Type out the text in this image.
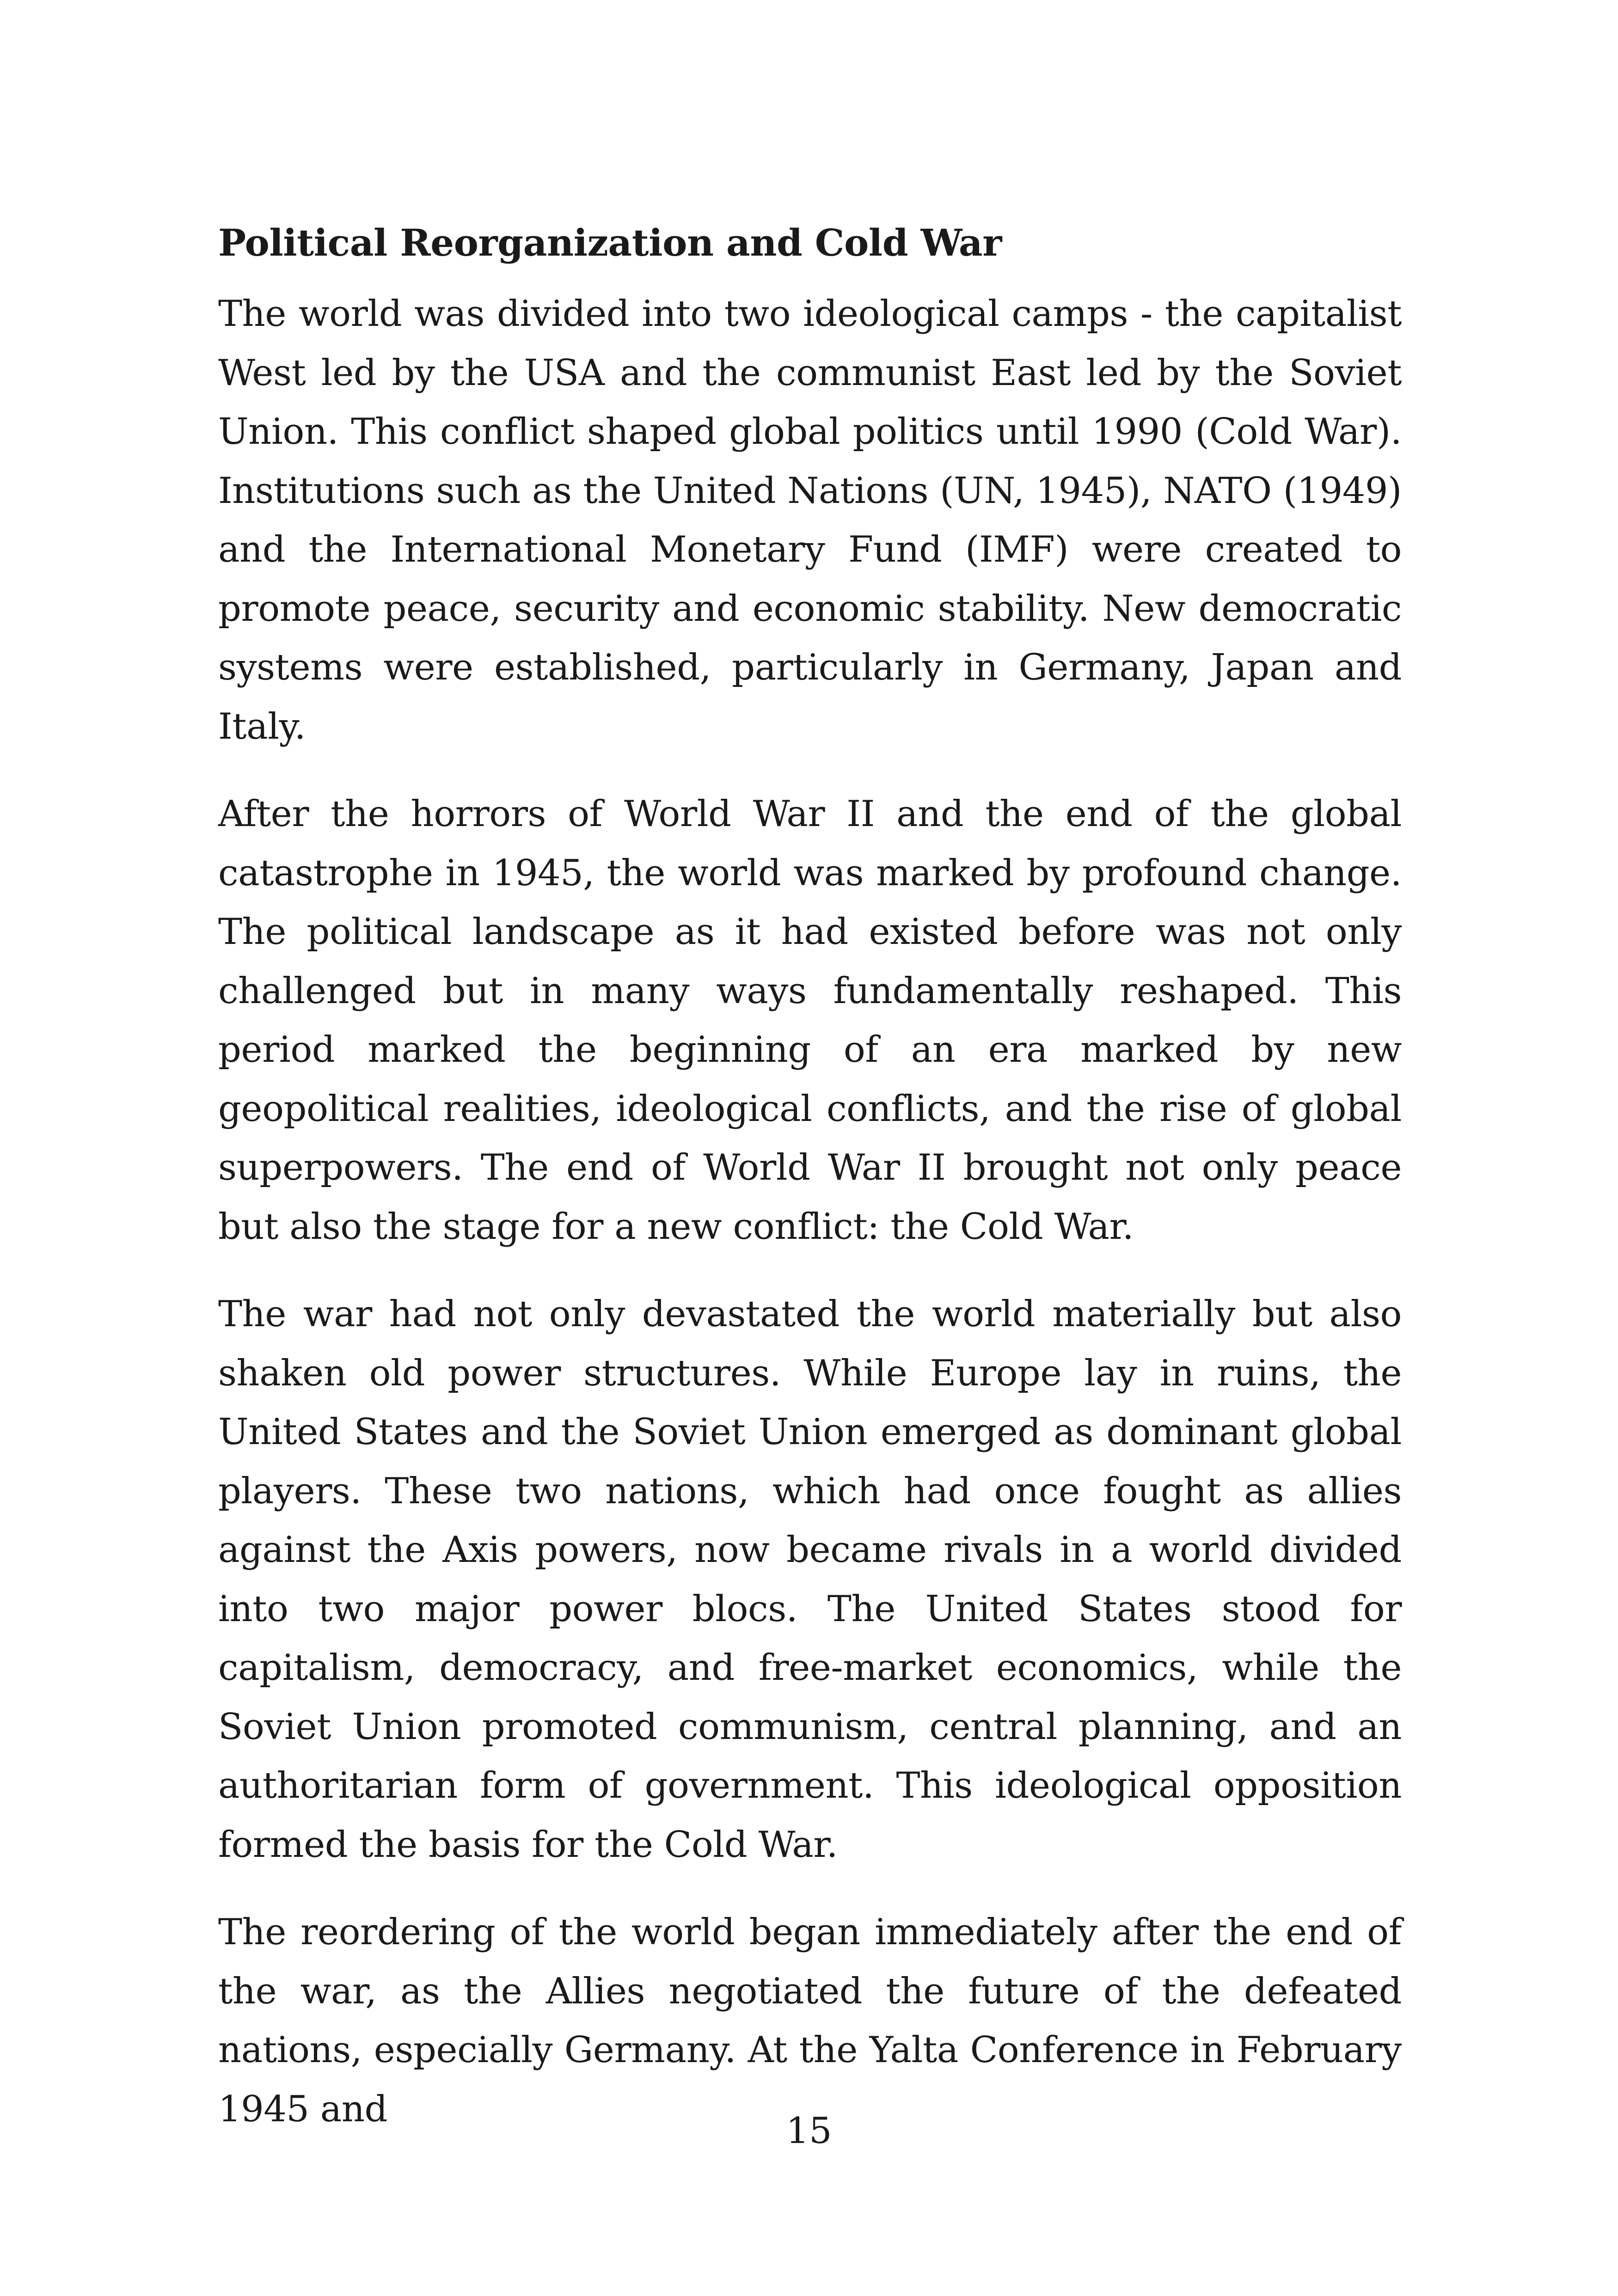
Political Reorganization and Cold War

The world was divided into two ideological camps - the capitalist West led by the USA and the communist East led by the Soviet Union. This conflict shaped global politics until 1990 (Cold War). Institutions such as the United Nations (UN, 1945), NATO (1949) and the International Monetary Fund (IMF) were created to promote peace, security and economic stability. New democratic systems were established, particularly in Germany, Japan and Italy.

After the horrors of World War II and the end of the global catastrophe in 1945, the world was marked by profound change. The political landscape as it had existed before was not only challenged but in many ways fundamentally reshaped. This period marked the beginning of an era marked by new geopolitical realities, ideological conflicts, and the rise of global superpowers. The end of World War II brought not only peace but also the stage for a new conflict: the Cold War.

The war had not only devastated the world materially but also shaken old power structures. While Europe lay in ruins, the United States and the Soviet Union emerged as dominant global players. These two nations, which had once fought as allies against the Axis powers, now became rivals in a world divided into two major power blocs. The United States stood for capitalism, democracy, and free-market economics, while the Soviet Union promoted communism, central planning, and an authoritarian form of government. This ideological opposition formed the basis for the Cold War.

The reordering of the world began immediately after the end of the war, as the Allies negotiated the future of the defeated nations, especially Germany. At the Yalta Conference in February 1945 and

15
